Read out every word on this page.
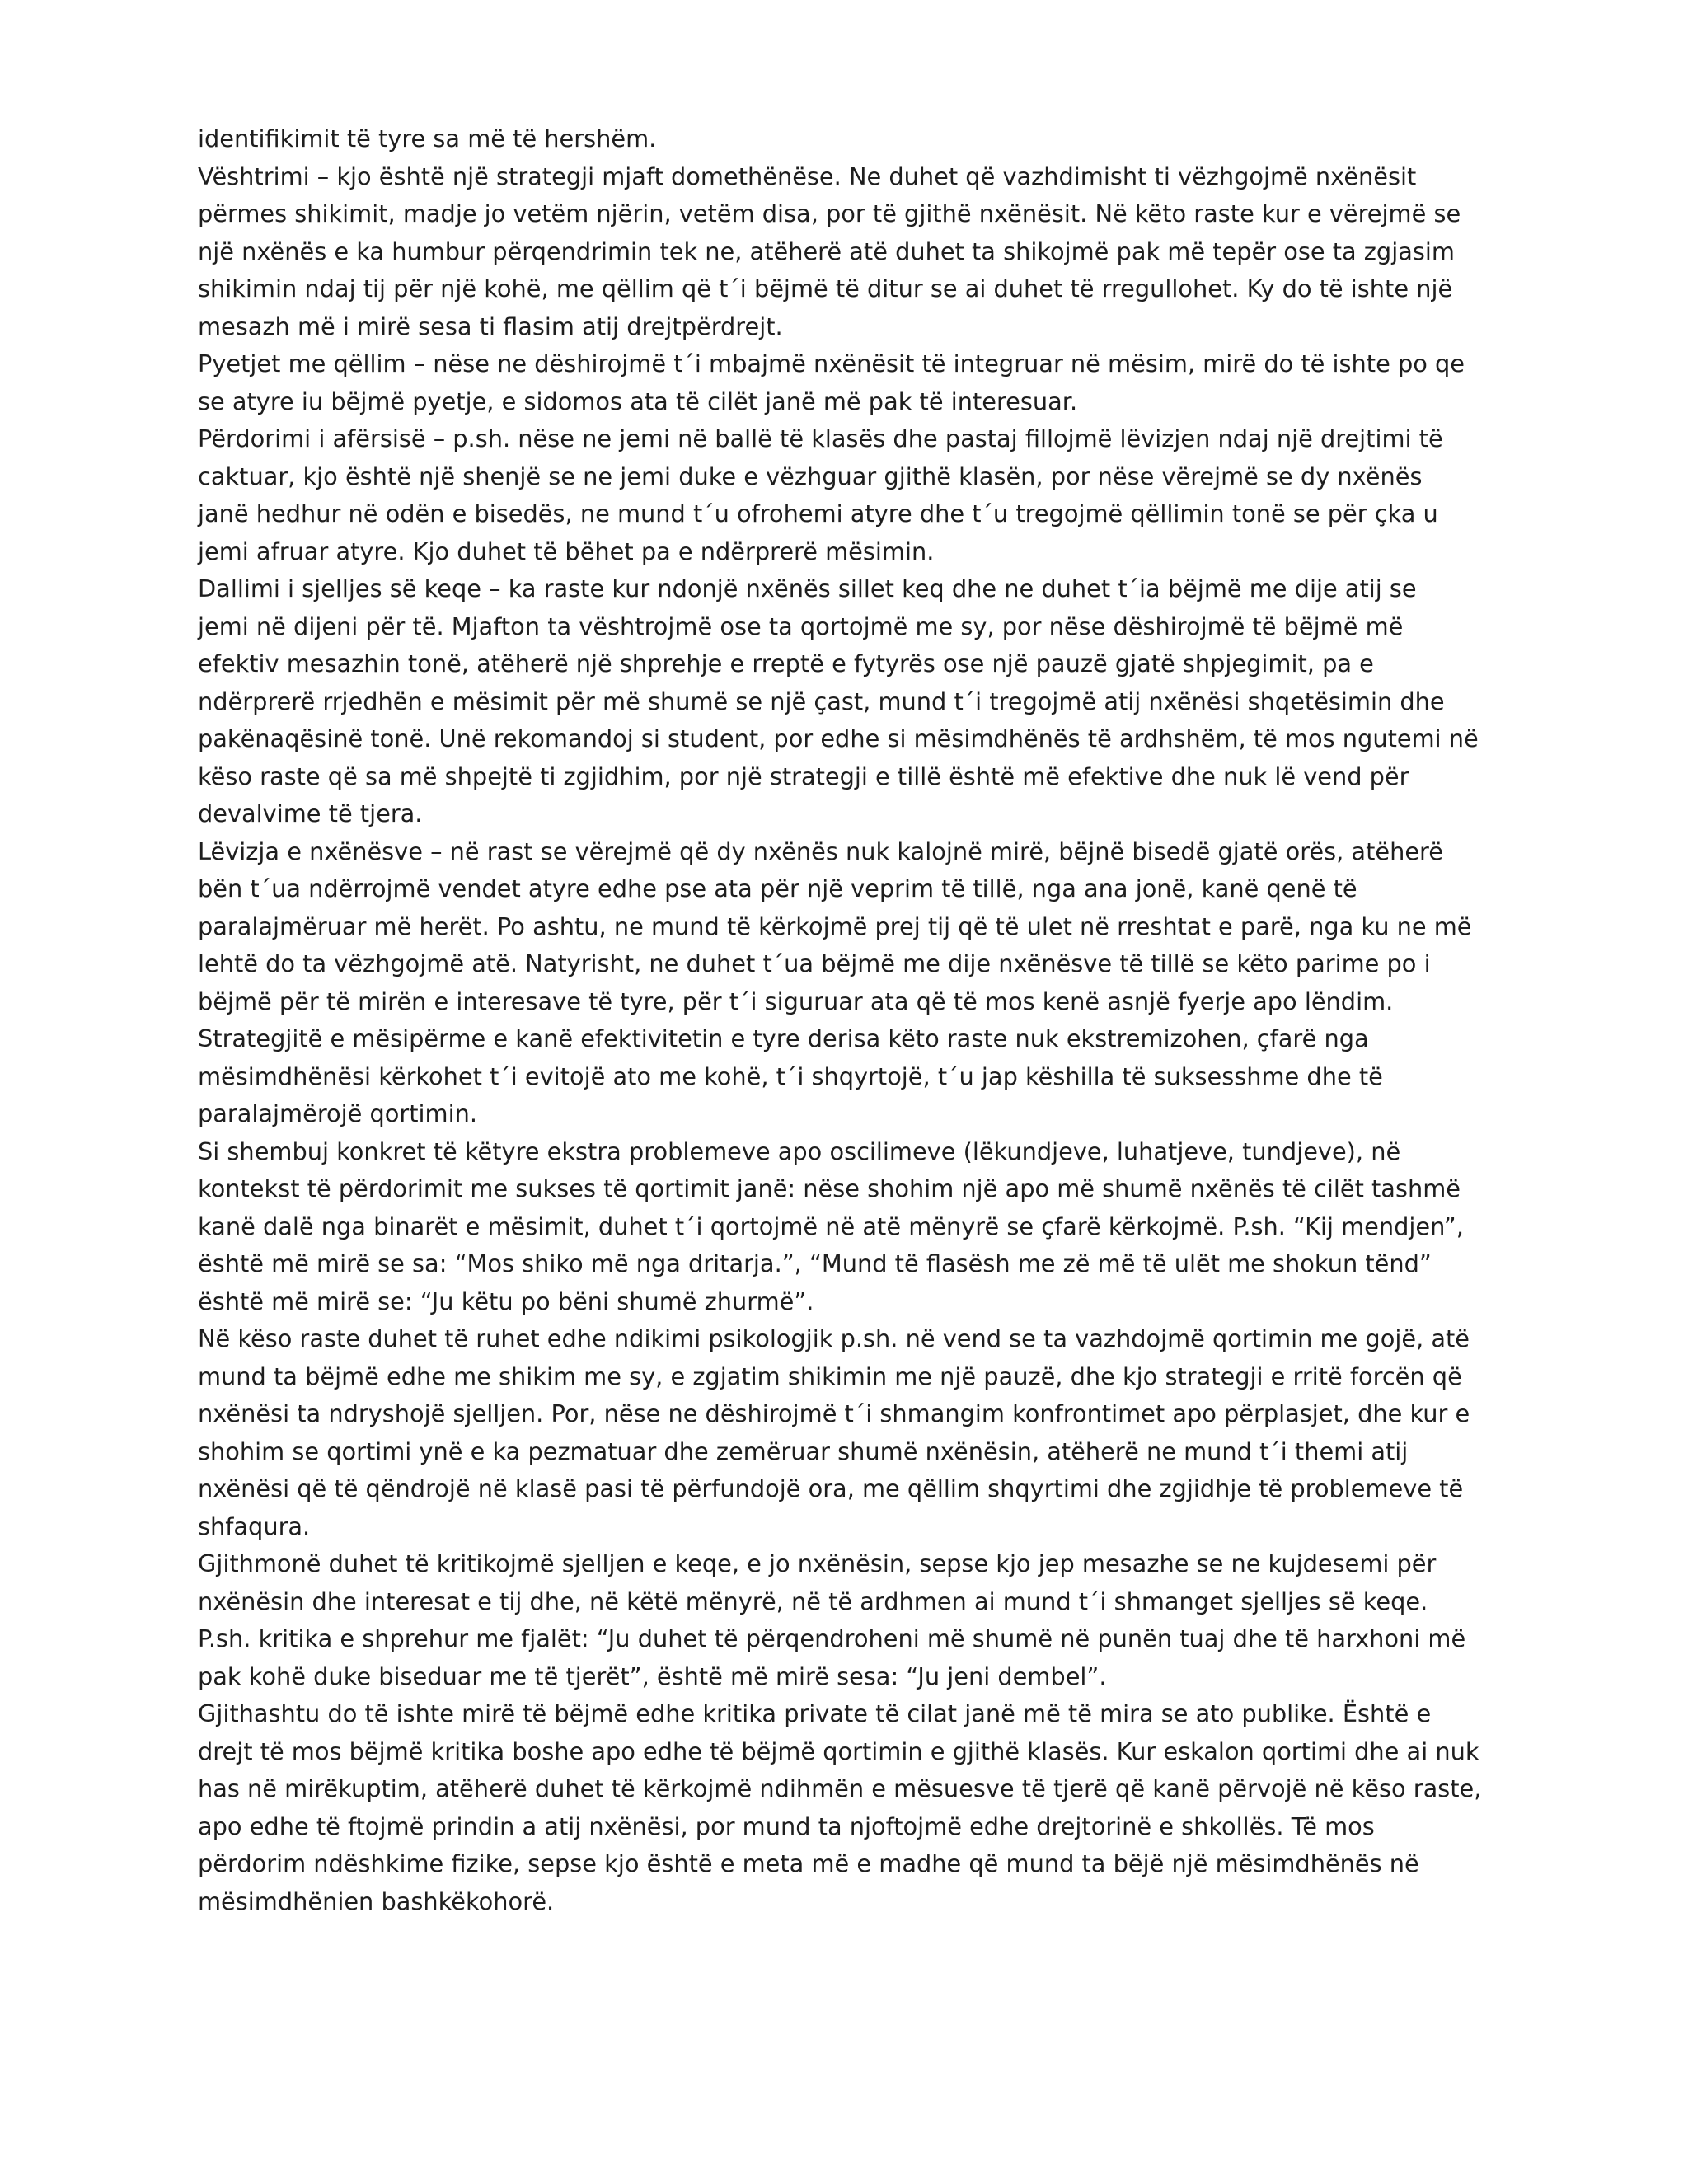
identifikimit të tyre sa më të hershëm.
Vështrimi – kjo është një strategji mjaft domethënëse. Ne duhet që vazhdimisht ti vëzhgojmë nxënësit
përmes shikimit, madje jo vetëm njërin, vetëm disa, por të gjithë nxënësit. Në këto raste kur e vërejmë se
një nxënës e ka humbur përqendrimin tek ne, atëherë atë duhet ta shikojmë pak më tepër ose ta zgjasim
shikimin ndaj tij për një kohë, me qëllim që t´i bëjmë të ditur se ai duhet të rregullohet. Ky do të ishte një
mesazh më i mirë sesa ti flasim atij drejtpërdrejt.
Pyetjet me qëllim – nëse ne dëshirojmë t´i mbajmë nxënësit të integruar në mësim, mirë do të ishte po qe
se atyre iu bëjmë pyetje, e sidomos ata të cilët janë më pak të interesuar.
Përdorimi i afërsisë – p.sh. nëse ne jemi në ballë të klasës dhe pastaj fillojmë lëvizjen ndaj një drejtimi të
caktuar, kjo është një shenjë se ne jemi duke e vëzhguar gjithë klasën, por nëse vërejmë se dy nxënës
janë hedhur në odën e bisedës, ne mund t´u ofrohemi atyre dhe t´u tregojmë qëllimin tonë se për çka u
jemi afruar atyre. Kjo duhet të bëhet pa e ndërprerë mësimin.
Dallimi i sjelljes së keqe – ka raste kur ndonjë nxënës sillet keq dhe ne duhet t´ia bëjmë me dije atij se
jemi në dijeni për të. Mjafton ta vështrojmë ose ta qortojmë me sy, por nëse dëshirojmë të bëjmë më
efektiv mesazhin tonë, atëherë një shprehje e rreptë e fytyrës ose një pauzë gjatë shpjegimit, pa e
ndërprerë rrjedhën e mësimit për më shumë se një çast, mund t´i tregojmë atij nxënësi shqetësimin dhe
pakënaqësinë tonë. Unë rekomandoj si student, por edhe si mësimdhënës të ardhshëm, të mos ngutemi në
këso raste që sa më shpejtë ti zgjidhim, por një strategji e tillë është më efektive dhe nuk lë vend për
devalvime të tjera.
Lëvizja e nxënësve – në rast se vërejmë që dy nxënës nuk kalojnë mirë, bëjnë bisedë gjatë orës, atëherë
bën t´ua ndërrojmë vendet atyre edhe pse ata për një veprim të tillë, nga ana jonë, kanë qenë të
paralajmëruar më herët. Po ashtu, ne mund të kërkojmë prej tij që të ulet në rreshtat e parë, nga ku ne më
lehtë do ta vëzhgojmë atë. Natyrisht, ne duhet t´ua bëjmë me dije nxënësve të tillë se këto parime po i
bëjmë për të mirën e interesave të tyre, për t´i siguruar ata që të mos kenë asnjë fyerje apo lëndim.
Strategjitë e mësipërme e kanë efektivitetin e tyre derisa këto raste nuk ekstremizohen, çfarë nga
mësimdhënësi kërkohet t´i evitojë ato me kohë, t´i shqyrtojë, t´u jap këshilla të suksesshme dhe të
paralajmërojë qortimin.
Si shembuj konkret të këtyre ekstra problemeve apo oscilimeve (lëkundjeve, luhatjeve, tundjeve), në
kontekst të përdorimit me sukses të qortimit janë: nëse shohim një apo më shumë nxënës të cilët tashmë
kanë dalë nga binarët e mësimit, duhet t´i qortojmë në atë mënyrë se çfarë kërkojmë. P.sh. “Kij mendjen”,
është më mirë se sa: “Mos shiko më nga dritarja.”, “Mund të flasësh me zë më të ulët me shokun tënd”
është më mirë se: “Ju këtu po bëni shumë zhurmë”.
Në këso raste duhet të ruhet edhe ndikimi psikologjik p.sh. në vend se ta vazhdojmë qortimin me gojë, atë
mund ta bëjmë edhe me shikim me sy, e zgjatim shikimin me një pauzë, dhe kjo strategji e rritë forcën që
nxënësi ta ndryshojë sjelljen. Por, nëse ne dëshirojmë t´i shmangim konfrontimet apo përplasjet, dhe kur e
shohim se qortimi ynë e ka pezmatuar dhe zemëruar shumë nxënësin, atëherë ne mund t´i themi atij
nxënësi që të qëndrojë në klasë pasi të përfundojë ora, me qëllim shqyrtimi dhe zgjidhje të problemeve të
shfaqura.
Gjithmonë duhet të kritikojmë sjelljen e keqe, e jo nxënësin, sepse kjo jep mesazhe se ne kujdesemi për
nxënësin dhe interesat e tij dhe, në këtë mënyrë, në të ardhmen ai mund t´i shmanget sjelljes së keqe.
P.sh. kritika e shprehur me fjalët: “Ju duhet të përqendroheni më shumë në punën tuaj dhe të harxhoni më
pak kohë duke biseduar me të tjerët”, është më mirë sesa: “Ju jeni dembel”.
Gjithashtu do të ishte mirë të bëjmë edhe kritika private të cilat janë më të mira se ato publike. Është e
drejt të mos bëjmë kritika boshe apo edhe të bëjmë qortimin e gjithë klasës. Kur eskalon qortimi dhe ai nuk
has në mirëkuptim, atëherë duhet të kërkojmë ndihmën e mësuesve të tjerë që kanë përvojë në këso raste,
apo edhe të ftojmë prindin a atij nxënësi, por mund ta njoftojmë edhe drejtorinë e shkollës. Të mos
përdorim ndëshkime fizike, sepse kjo është e meta më e madhe që mund ta bëjë një mësimdhënës në
mësimdhënien bashkëkohorë.
